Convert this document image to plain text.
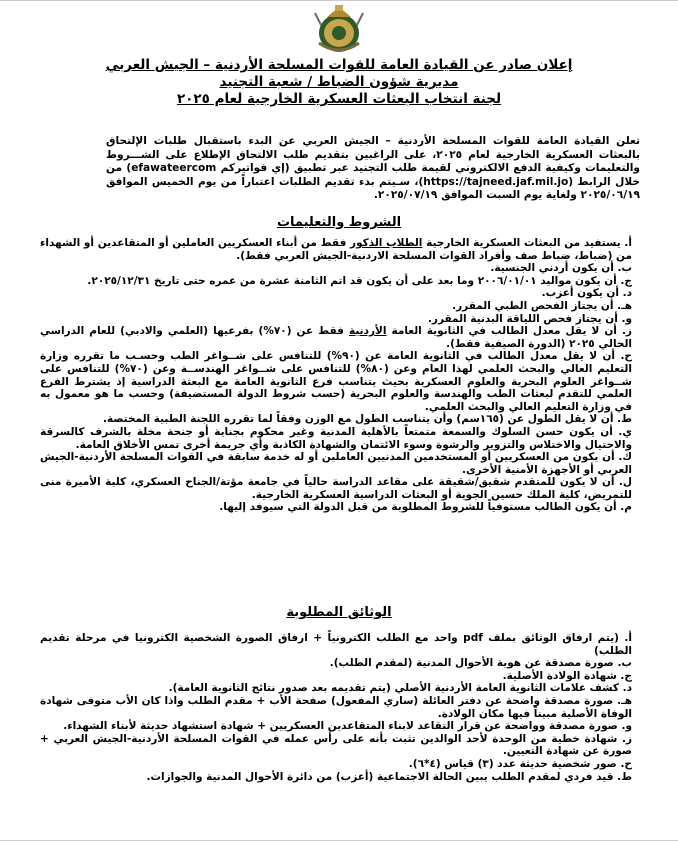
إعلان صادر عن القيادة العامة للقوات المسلحة الأردنية – الجيش العربي
مديرية شؤون الضباط / شعبة التجنيد
لجنة انتخاب البعثات العسكرية الخارجية لعام ٢٠٢٥
تعلن القيادة العامة للقوات المسلحة الأردنية – الجيش العربي عن البدء باستقبال طلبات الإلتحاق بالبعثات العسكرية الخارجية لعام ٢٠٢٥، على الراغبين بتقديم طلب الالتحاق الإطلاع على الشـــروط والتعليمات وكيفية الدفع الالكتروني لقيمة طلب التجنيد عبر تطبيق (إي فواتيركم efawateercom) من خلال الرابط (https://tajneed.jaf.mil.jo)، سـيتم بدء تقديم الطلبات اعتباراً من يوم الخميس الموافق ٢٠٢٥/٠٦/١٩ ولغاية يوم السبت الموافق ٢٠٢٥/٠٧/١٩.
الشروط والتعليمات
أ. يستفيد من البعثات العسكرية الخارجية الطلاب الذكور فقط من أبناء العسكريين العاملين أو المتقاعدين أو الشهداء من (ضباط، ضباط صف وأفراد القوات المسلحة الاردنية-الجيش العربي فقط).
ب. أن يكون أردني الجنسية.
ج. أن يكون مواليد ٢٠٠٦/٠١/٠١ وما بعد على أن يكون قد اتم الثامنة عشرة من عمره حتى تاريخ ٢٠٢٥/١٢/٣١.
د. أن يكون أعزب.
هـ. أن يجتاز الفحص الطبي المقرر.
و. أن يجتاز فحص اللياقة البدنية المقرر.
ز. أن لا يقل معدل الطالب في الثانوية العامة الأردنية فقط عن (٧٠%) بفرعيها (العلمي والادبي) للعام الدراسي الحالي ٢٠٢٥ (الدورة الصيفية فقط).
ح. أن لا يقل معدل الطالب في الثانوية العامة عن (٩٠%) للتنافس على شــواغر الطب وحسـب ما تقرره وزارة التعليم العالي والبحث العلمي لهذا العام وعن (٨٠%) للتنافس على شــواغر الهندســة وعن (٧٠%) للتنافس على شــواغر العلوم البحرية والعلوم العسكرية بحيث يتناسب فرع الثانوية العامة مع البعثة الدراسية إذ يشترط الفرع العلمي للتقدم لبعثات الطب والهندسة والعلوم البحرية (حسب شروط الدولة المستضيفة) وحسب ما هو معمول به في وزارة التعليم العالي والبحث العلمي.
ط. أن لا يقل الطول عن (١٦٥سم) وأن يتناسب الطول مع الوزن وفقاً لما تقرره اللجنة الطبية المختصة.
ي. أن يكون حسن السلوك والسمعة متمتعاً بالأهلية المدنية وغير محكوم بجناية أو جنحة مخلة بالشرف كالسرقة والاحتيال والاختلاس والتزوير والرشوة وسوء الائتمان والشهادة الكاذبة وأي جريمة أخرى تمس الأخلاق العامة.
ك. أن يكون من العسكريين أو المستخدمين المدنيين العاملين أو له خدمة سابقة في القوات المسلحة الأردنية-الجيش العربي أو الأجهزة الأمنية الأخرى.
ل. أن لا يكون للمتقدم شقيق/شقيقة على مقاعد الدراسة حالياً في جامعة مؤتة/الجناح العسكري، كلية الأميرة منى للتمريض، كلية الملك حسين الجوية أو البعثات الدراسية العسكرية الخارجية.
م. أن يكون الطالب مستوفياً للشروط المطلوبة من قبل الدولة التي سيوفد إليها.
الوثائق المطلوبة
أ. (يتم ارفاق الوثائق بملف pdf واحد مع الطلب الكترونياً + ارفاق الصورة الشخصية الكترونيا في مرحلة تقديم الطلب)
ب. صورة مصدقة عن هوية الأحوال المدنية (لمقدم الطلب).
ج. شهادة الولادة الأصلية.
د. كشف علامات الثانوية العامة الأردنية الأصلي (يتم تقديمه بعد صدور نتائج الثانوية العامة).
هـ. صورة مصدقة واضحة عن دفتر العائلة (ساري المفعول) صفحة الأب + مقدم الطلب واذا كان الأب متوفى شهادة الوفاة الأصلية مبيناً فيها مكان الولادة.
و. صورة مصدقة وواضحة عن قرار التقاعد لابناء المتقاعدين العسكريين + شهادة استشهاد حديثة لأبناء الشهداء.
ز. شهادة خطية من الوحدة لأحد الوالدين تثبت بأنه على رأس عمله في القوات المسلحة الأردنية-الجيش العربي + صورة عن شهادة التعيين.
ح. صور شخصية حديثة عدد (٣) قياس (٤*٦).
ط. قيد فردي لمقدم الطلب يبين الحالة الاجتماعية (أعزب) من دائرة الأحوال المدنية والجوازات.
